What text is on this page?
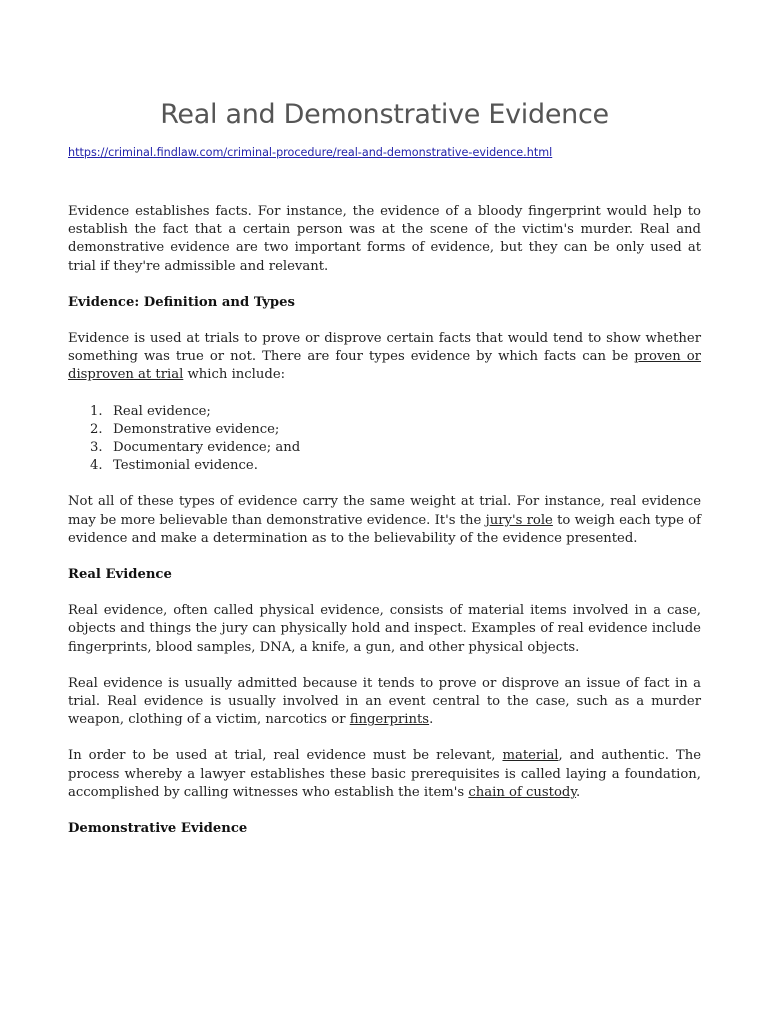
Real and Demonstrative Evidence
https://criminal.findlaw.com/criminal-procedure/real-and-demonstrative-evidence.html

Evidence establishes facts. For instance, the evidence of a bloody fingerprint would help to establish the fact that a certain person was at the scene of the victim's murder. Real and demonstrative evidence are two important forms of evidence, but they can be only used at trial if they're admissible and relevant.

Evidence: Definition and Types

Evidence is used at trials to prove or disprove certain facts that would tend to show whether something was true or not. There are four types evidence by which facts can be proven or disproven at trial which include:

1. Real evidence;
2. Demonstrative evidence;
3. Documentary evidence; and
4. Testimonial evidence.

Not all of these types of evidence carry the same weight at trial. For instance, real evidence may be more believable than demonstrative evidence. It's the jury's role to weigh each type of evidence and make a determination as to the believability of the evidence presented.

Real Evidence

Real evidence, often called physical evidence, consists of material items involved in a case, objects and things the jury can physically hold and inspect. Examples of real evidence include fingerprints, blood samples, DNA, a knife, a gun, and other physical objects.

Real evidence is usually admitted because it tends to prove or disprove an issue of fact in a trial. Real evidence is usually involved in an event central to the case, such as a murder weapon, clothing of a victim, narcotics or fingerprints.

In order to be used at trial, real evidence must be relevant, material, and authentic. The process whereby a lawyer establishes these basic prerequisites is called laying a foundation, accomplished by calling witnesses who establish the item's chain of custody.

Demonstrative Evidence
